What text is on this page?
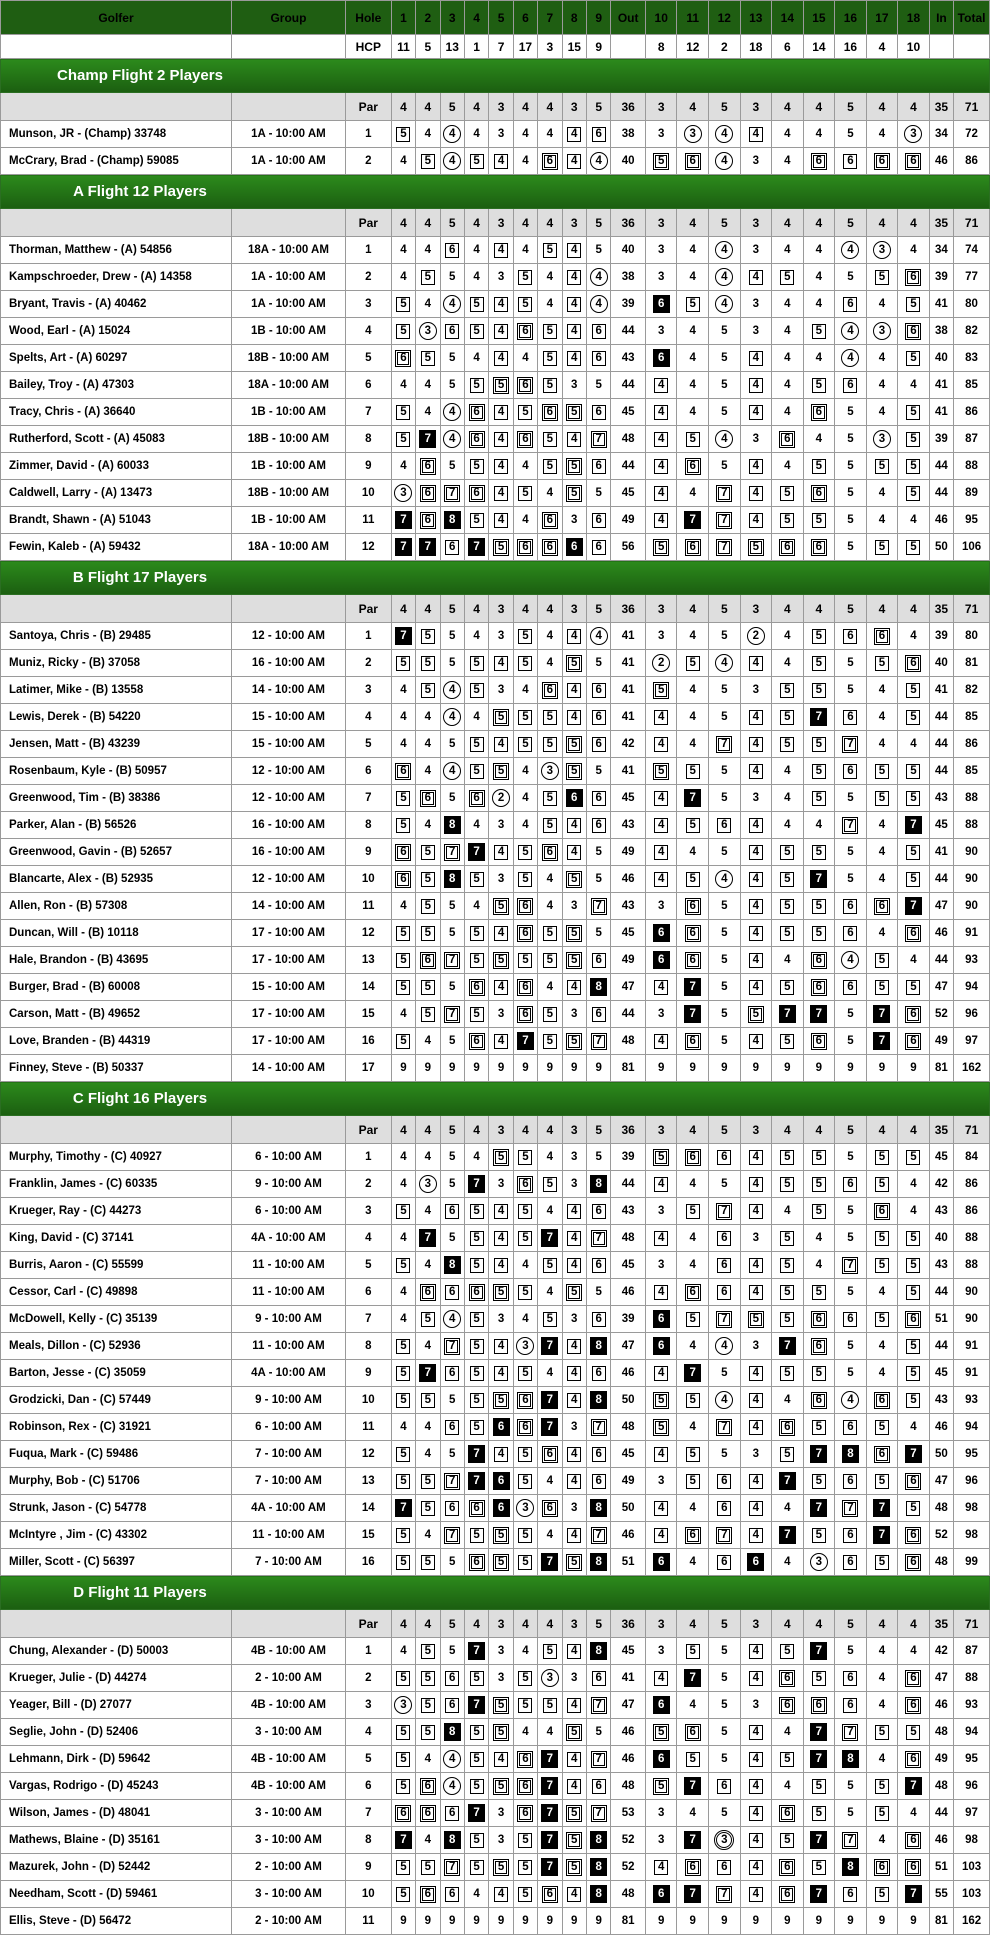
Golfer	Group	Hole	1	2	3	4	5	6	7	8	9	Out	10	11	12	13	14	15	16	17	18	In	Total
		HCP	11	5	13	1	7	17	3	15	9		8	12	2	18	6	14	16	4	10		
Champ Flight 2 Players																							
		Par	4	4	5	4	3	4	4	3	5	36	3	4	5	3	4	4	5	4	4	35	71
Munson, JR - (Champ) 33748	1A - 10:00 AM	1	5	4	4	4	3	4	4	4	6	38	3	3	4	4	4	4	5	4	3	34	72
McCrary, Brad - (Champ) 59085	1A - 10:00 AM	2	4	5	4	5	4	4	6	4	4	40	5	6	4	3	4	6	6	6	6	46	86
A Flight 12 Players																							
		Par	4	4	5	4	3	4	4	3	5	36	3	4	5	3	4	4	5	4	4	35	71
Thorman, Matthew - (A) 54856	18A - 10:00 AM	1	4	4	6	4	4	4	5	4	5	40	3	4	4	3	4	4	4	3	4	34	74
Kampschroeder, Drew - (A) 14358	1A - 10:00 AM	2	4	5	5	4	3	5	4	4	4	38	3	4	4	4	5	4	5	5	6	39	77
Bryant, Travis - (A) 40462	1A - 10:00 AM	3	5	4	4	5	4	5	4	4	4	39	6	5	4	3	4	4	6	4	5	41	80
Wood, Earl - (A) 15024	1B - 10:00 AM	4	5	3	6	5	4	6	5	4	6	44	3	4	5	3	4	5	4	3	6	38	82
Spelts, Art - (A) 60297	18B - 10:00 AM	5	6	5	5	4	4	4	5	4	6	43	6	4	5	4	4	4	4	4	5	40	83
Bailey, Troy - (A) 47303	18A - 10:00 AM	6	4	4	5	5	5	6	5	3	5	44	4	4	5	4	4	5	6	4	4	41	85
Tracy, Chris - (A) 36640	1B - 10:00 AM	7	5	4	4	6	4	5	6	5	6	45	4	4	5	4	4	6	5	4	5	41	86
Rutherford, Scott - (A) 45083	18B - 10:00 AM	8	5	7	4	6	4	6	5	4	7	48	4	5	4	3	6	4	5	3	5	39	87
Zimmer, David - (A) 60033	1B - 10:00 AM	9	4	6	5	5	4	4	5	5	6	44	4	6	5	4	4	5	5	5	5	44	88
Caldwell, Larry - (A) 13473	18B - 10:00 AM	10	3	6	7	6	4	5	4	5	5	45	4	4	7	4	5	6	5	4	5	44	89
Brandt, Shawn - (A) 51043	1B - 10:00 AM	11	7	6	8	5	4	4	6	3	6	49	4	7	7	4	5	5	5	4	4	46	95
Fewin, Kaleb - (A) 59432	18A - 10:00 AM	12	7	7	6	7	5	6	6	6	6	56	5	6	7	5	6	6	5	5	5	50	106
B Flight 17 Players																							
		Par	4	4	5	4	3	4	4	3	5	36	3	4	5	3	4	4	5	4	4	35	71
Santoya, Chris - (B) 29485	12 - 10:00 AM	1	7	5	5	4	3	5	4	4	4	41	3	4	5	2	4	5	6	6	4	39	80
Muniz, Ricky - (B) 37058	16 - 10:00 AM	2	5	5	5	5	4	5	4	5	5	41	2	5	4	4	4	5	5	5	6	40	81
Latimer, Mike - (B) 13558	14 - 10:00 AM	3	4	5	4	5	3	4	6	4	6	41	5	4	5	3	5	5	5	4	5	41	82
Lewis, Derek - (B) 54220	15 - 10:00 AM	4	4	4	4	4	5	5	5	4	6	41	4	4	5	4	5	7	6	4	5	44	85
Jensen, Matt - (B) 43239	15 - 10:00 AM	5	4	4	5	5	4	5	5	5	6	42	4	4	7	4	5	5	7	4	4	44	86
Rosenbaum, Kyle - (B) 50957	12 - 10:00 AM	6	6	4	4	5	5	4	3	5	5	41	5	5	5	4	4	5	6	5	5	44	85
Greenwood, Tim - (B) 38386	12 - 10:00 AM	7	5	6	5	6	2	4	5	6	6	45	4	7	5	3	4	5	5	5	5	43	88
Parker, Alan - (B) 56526	16 - 10:00 AM	8	5	4	8	4	3	4	5	4	6	43	4	5	6	4	4	4	7	4	7	45	88
Greenwood, Gavin - (B) 52657	16 - 10:00 AM	9	6	5	7	7	4	5	6	4	5	49	4	4	5	4	5	5	5	4	5	41	90
Blancarte, Alex - (B) 52935	12 - 10:00 AM	10	6	5	8	5	3	5	4	5	5	46	4	5	4	4	5	7	5	4	5	44	90
Allen, Ron - (B) 57308	14 - 10:00 AM	11	4	5	5	4	5	6	4	3	7	43	3	6	5	4	5	5	6	6	7	47	90
Duncan, Will - (B) 10118	17 - 10:00 AM	12	5	5	5	5	4	6	5	5	5	45	6	6	5	4	5	5	6	4	6	46	91
Hale, Brandon - (B) 43695	17 - 10:00 AM	13	5	6	7	5	5	5	5	5	6	49	6	6	5	4	4	6	4	5	4	44	93
Burger, Brad - (B) 60008	15 - 10:00 AM	14	5	5	5	6	4	6	4	4	8	47	4	7	5	4	5	6	6	5	5	47	94
Carson, Matt - (B) 49652	17 - 10:00 AM	15	4	5	7	5	3	6	5	3	6	44	3	7	5	5	7	7	5	7	6	52	96
Love, Branden - (B) 44319	17 - 10:00 AM	16	5	4	5	6	4	7	5	5	7	48	4	6	5	4	5	6	5	7	6	49	97
Finney, Steve - (B) 50337	14 - 10:00 AM	17	9	9	9	9	9	9	9	9	9	81	9	9	9	9	9	9	9	9	9	81	162
C Flight 16 Players																							
		Par	4	4	5	4	3	4	4	3	5	36	3	4	5	3	4	4	5	4	4	35	71
Murphy, Timothy - (C) 40927	6 - 10:00 AM	1	4	4	5	4	5	5	4	3	5	39	5	6	6	4	5	5	5	5	5	45	84
Franklin, James - (C) 60335	9 - 10:00 AM	2	4	3	5	7	3	6	5	3	8	44	4	4	5	4	5	5	6	5	4	42	86
Krueger, Ray - (C) 44273	6 - 10:00 AM	3	5	4	6	5	4	5	4	4	6	43	3	5	7	4	4	5	5	6	4	43	86
King, David - (C) 37141	4A - 10:00 AM	4	4	7	5	5	4	5	7	4	7	48	4	4	6	3	5	4	5	5	5	40	88
Burris, Aaron - (C) 55599	11 - 10:00 AM	5	5	4	8	5	4	4	5	4	6	45	3	4	6	4	5	4	7	5	5	43	88
Cessor, Carl - (C) 49898	11 - 10:00 AM	6	4	6	6	6	5	5	4	5	5	46	4	6	6	4	5	5	5	4	5	44	90
McDowell, Kelly - (C) 35139	9 - 10:00 AM	7	4	5	4	5	3	4	5	3	6	39	6	5	7	5	5	6	6	5	6	51	90
Meals, Dillon - (C) 52936	11 - 10:00 AM	8	5	4	7	5	4	3	7	4	8	47	6	4	4	3	7	6	5	4	5	44	91
Barton, Jesse - (C) 35059	4A - 10:00 AM	9	5	7	6	5	4	5	4	4	6	46	4	7	5	4	5	5	5	4	5	45	91
Grodzicki, Dan - (C) 57449	9 - 10:00 AM	10	5	5	5	5	5	6	7	4	8	50	5	5	4	4	4	6	4	6	5	43	93
Robinson, Rex - (C) 31921	6 - 10:00 AM	11	4	4	6	5	6	6	7	3	7	48	5	4	7	4	6	5	6	5	4	46	94
Fuqua, Mark - (C) 59486	7 - 10:00 AM	12	5	4	5	7	4	5	6	4	6	45	4	5	5	3	5	7	8	6	7	50	95
Murphy, Bob - (C) 51706	7 - 10:00 AM	13	5	5	7	7	6	5	4	4	6	49	3	5	6	4	7	5	6	5	6	47	96
Strunk, Jason - (C) 54778	4A - 10:00 AM	14	7	5	6	6	6	3	6	3	8	50	4	4	6	4	4	7	7	7	5	48	98
McIntyre , Jim - (C) 43302	11 - 10:00 AM	15	5	4	7	5	5	5	4	4	7	46	4	6	7	4	7	5	6	7	6	52	98
Miller, Scott - (C) 56397	7 - 10:00 AM	16	5	5	5	6	5	5	7	5	8	51	6	4	6	6	4	3	6	5	6	48	99
D Flight 11 Players																							
		Par	4	4	5	4	3	4	4	3	5	36	3	4	5	3	4	4	5	4	4	35	71
Chung, Alexander - (D) 50003	4B - 10:00 AM	1	4	5	5	7	3	4	5	4	8	45	3	5	5	4	5	7	5	4	4	42	87
Krueger, Julie - (D) 44274	2 - 10:00 AM	2	5	5	6	5	3	5	3	3	6	41	4	7	5	4	6	5	6	4	6	47	88
Yeager, Bill - (D) 27077	4B - 10:00 AM	3	3	5	6	7	5	5	5	4	7	47	6	4	5	3	6	6	6	4	6	46	93
Seglie, John - (D) 52406	3 - 10:00 AM	4	5	5	8	5	5	4	4	5	5	46	5	6	5	4	4	7	7	5	5	48	94
Lehmann, Dirk - (D) 59642	4B - 10:00 AM	5	5	4	4	5	4	6	7	4	7	46	6	5	5	4	5	7	8	4	6	49	95
Vargas, Rodrigo - (D) 45243	4B - 10:00 AM	6	5	6	4	5	5	6	7	4	6	48	5	7	6	4	4	5	5	5	7	48	96
Wilson, James - (D) 48041	3 - 10:00 AM	7	6	6	6	7	3	6	7	5	7	53	3	4	5	4	6	5	5	5	4	44	97
Mathews, Blaine - (D) 35161	3 - 10:00 AM	8	7	4	8	5	3	5	7	5	8	52	3	7	3	4	5	7	7	4	6	46	98
Mazurek, John - (D) 52442	2 - 10:00 AM	9	5	5	7	5	5	5	7	5	8	52	4	6	6	4	6	5	8	6	6	51	103
Needham, Scott - (D) 59461	3 - 10:00 AM	10	5	6	6	4	4	5	6	4	8	48	6	7	7	4	6	7	6	5	7	55	103
Ellis, Steve - (D) 56472	2 - 10:00 AM	11	9	9	9	9	9	9	9	9	9	81	9	9	9	9	9	9	9	9	9	81	162
